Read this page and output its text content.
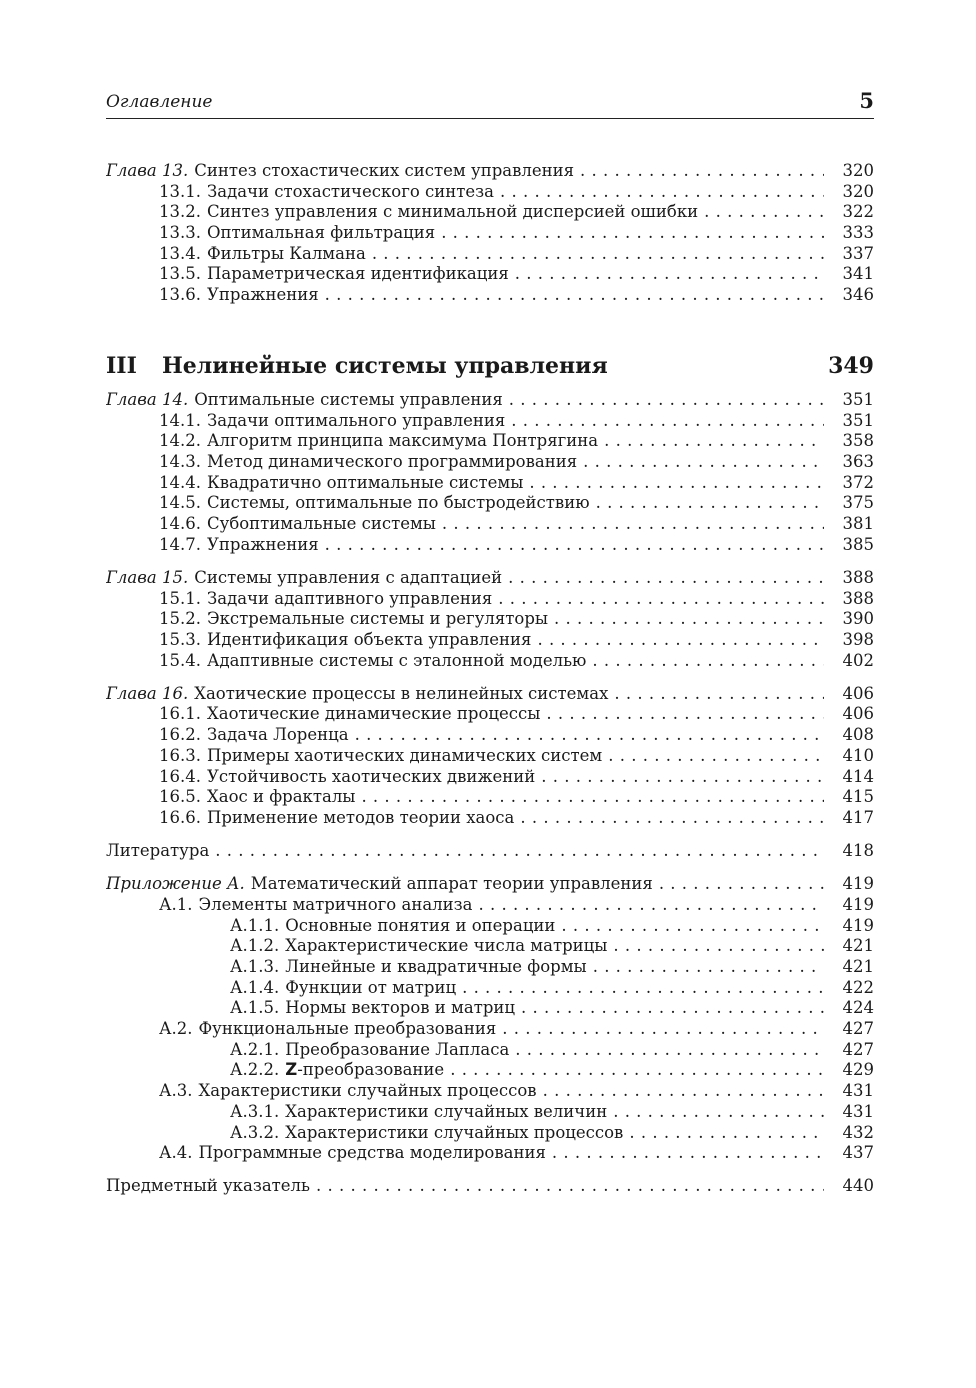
Оглавление	5
Глава 13. Синтез стохастических систем управления . . .	320
13.1. Задачи стохастического синтеза . . .	320
13.2. Синтез управления с минимальной дисперсией ошибки . . .	322
13.3. Оптимальная фильтрация . . .	333
13.4. Фильтры Калмана . . .	337
13.5. Параметрическая идентификация . . .	341
13.6. Упражнения . . .	346
III Нелинейные системы управления	349
Глава 14. Оптимальные системы управления . . .	351
14.1. Задачи оптимального управления . . .	351
14.2. Алгоритм принципа максимума Понтрягина . . .	358
14.3. Метод динамического программирования . . .	363
14.4. Квадратично оптимальные системы . . .	372
14.5. Системы, оптимальные по быстродействию . . .	375
14.6. Субоптимальные системы . . .	381
14.7. Упражнения . . .	385
Глава 15. Системы управления с адаптацией . . .	388
15.1. Задачи адаптивного управления . . .	388
15.2. Экстремальные системы и регуляторы . . .	390
15.3. Идентификация объекта управления . . .	398
15.4. Адаптивные системы с эталонной моделью . . .	402
Глава 16. Хаотические процессы в нелинейных системах . . .	406
16.1. Хаотические динамические процессы . . .	406
16.2. Задача Лоренца . . .	408
16.3. Примеры хаотических динамических систем . . .	410
16.4. Устойчивость хаотических движений . . .	414
16.5. Хаос и фракталы . . .	415
16.6. Применение методов теории хаоса . . .	417
Литература . . .	418
Приложение А. Математический аппарат теории управления . . .	419
А.1. Элементы матричного анализа . . .	419
А.1.1. Основные понятия и операции . . .	419
А.1.2. Характеристические числа матрицы . . .	421
А.1.3. Линейные и квадратичные формы . . .	421
А.1.4. Функции от матриц . . .	422
А.1.5. Нормы векторов и матриц . . .	424
А.2. Функциональные преобразования . . .	427
А.2.1. Преобразование Лапласа . . .	427
А.2.2. Z-преобразование . . .	429
А.3. Характеристики случайных процессов . . .	431
А.3.1. Характеристики случайных величин . . .	431
А.3.2. Характеристики случайных процессов . . .	432
А.4. Программные средства моделирования . . .	437
Предметный указатель . . .	440
